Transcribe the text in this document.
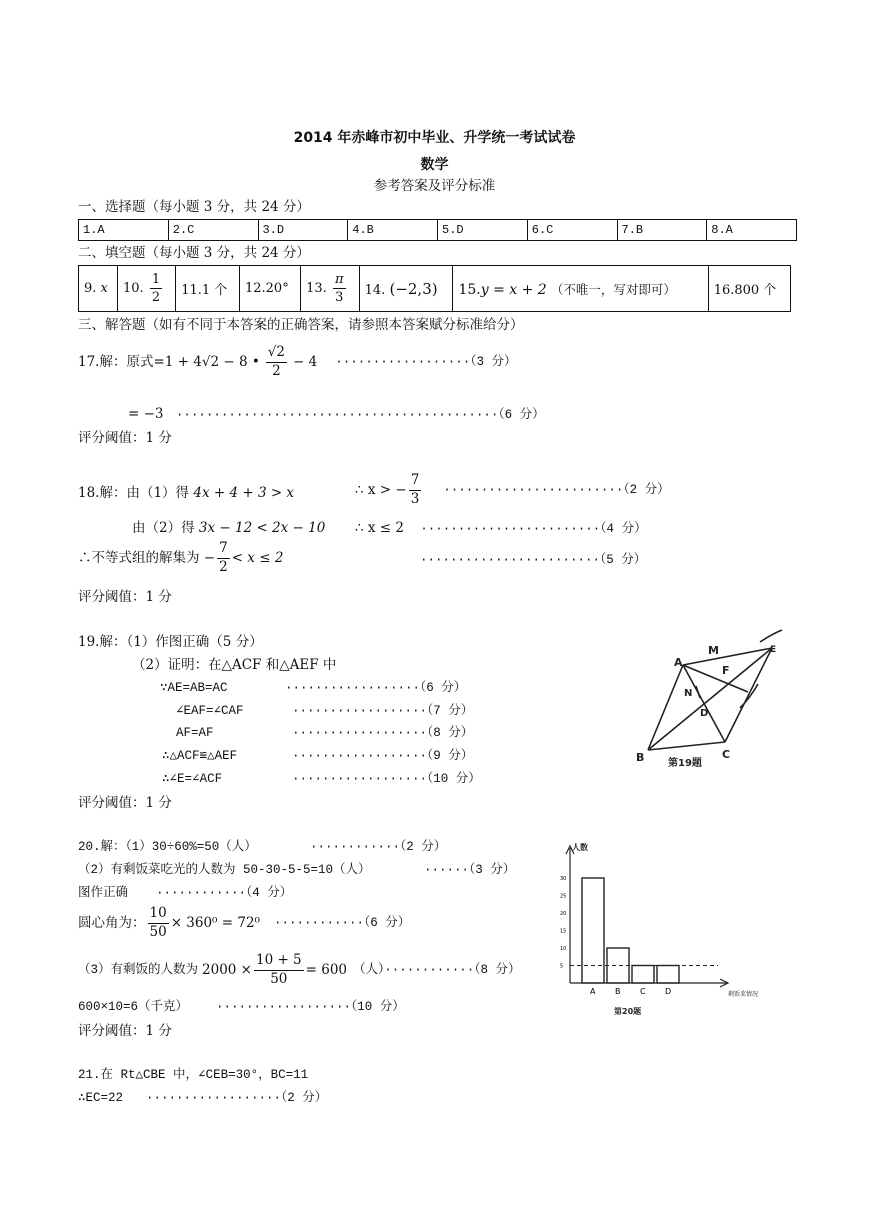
2014 年赤峰市初中毕业、升学统一考试试卷
数学
参考答案及评分标准
一、选择题（每小题 3 分，共 24 分）
1.A	2.C	3.D	4.B	5.D	6.C	7.B	8.A
二、填空题（每小题 3 分，共 24 分）
9. x	10. $\frac{1}{2}$	11.1 个	12.20°	13. $\frac{\pi}{3}$	14. (−2,3)	15.y = x + 2 （不唯一，写对即可）	16.800 个
三、解答题（如有不同于本答案的正确答案，请参照本答案赋分标准给分）
17.解：原式=1 + 4√2 − 8 • $\frac{√2}{2} - 4 \cdot\cdot\cdot\cdot\cdot\cdot\cdot\cdot\cdot\cdot\cdot\cdot\cdot\cdot\cdot\cdot\cdot\cdot(3$ 分）
= −3 ···········································（6 分）
评分阈值：1 分
18.解：由（1）得 4x + 4 + 3 > x	∴ x > − $\frac{7}{3} \cdot\cdot\cdot\cdot\cdot\cdot\cdot\cdot\cdot\cdot\cdot\cdot\cdot\cdot\cdot\cdot\cdot\cdot\cdot\cdot\cdot\cdot\cdot\cdot(2$ 分）
由（2）得 3x − 12 < 2x − 10 ∴ x ≤ 2 ························（4 分）
∴不等式组的解集为 − $\frac{7}{2} < x \le 2$	························（5 分）
评分阈值：1 分
19.解：（1）作图正确（5 分）
（2）证明：在△ACF 和△AEF 中
∵AE=AB=AC	··················（6 分）
∠EAF=∠CAF	··················（7 分）
AF=AF	··················（8 分）
∴△ACF≌△AEF	··················（9 分）
∴∠E=∠ACF	··················（10 分）
评分阈值：1 分
A
M	E
F
N
D
B	C
第19题
20.解：（1）30÷60%=50（人）	············（2 分）
（2）有剩饭菜吃光的人数为 50-30-5-5=10（人）	······（3 分）
图作正确 ············（4 分）
圆心角为： $\frac{10}{50} \times 360^0 = 72^0 \cdot\cdot\cdot\cdot\cdot\cdot\cdot\cdot\cdot\cdot\cdot\cdot(6$ 分）
（3）有剩饭的人数为 $2000 \times \frac{10 + 5}{50} = 600$ （人）············（8 分）
600×10=6（千克） ··················（10 分）
评分阈值：1 分
5
10
15
20
25
30
A B C D
人数
剩饭菜情况
第20题
21.在 Rt△CBE 中，∠CEB=30°，BC=11
∴EC=22 ··················（2 分）
